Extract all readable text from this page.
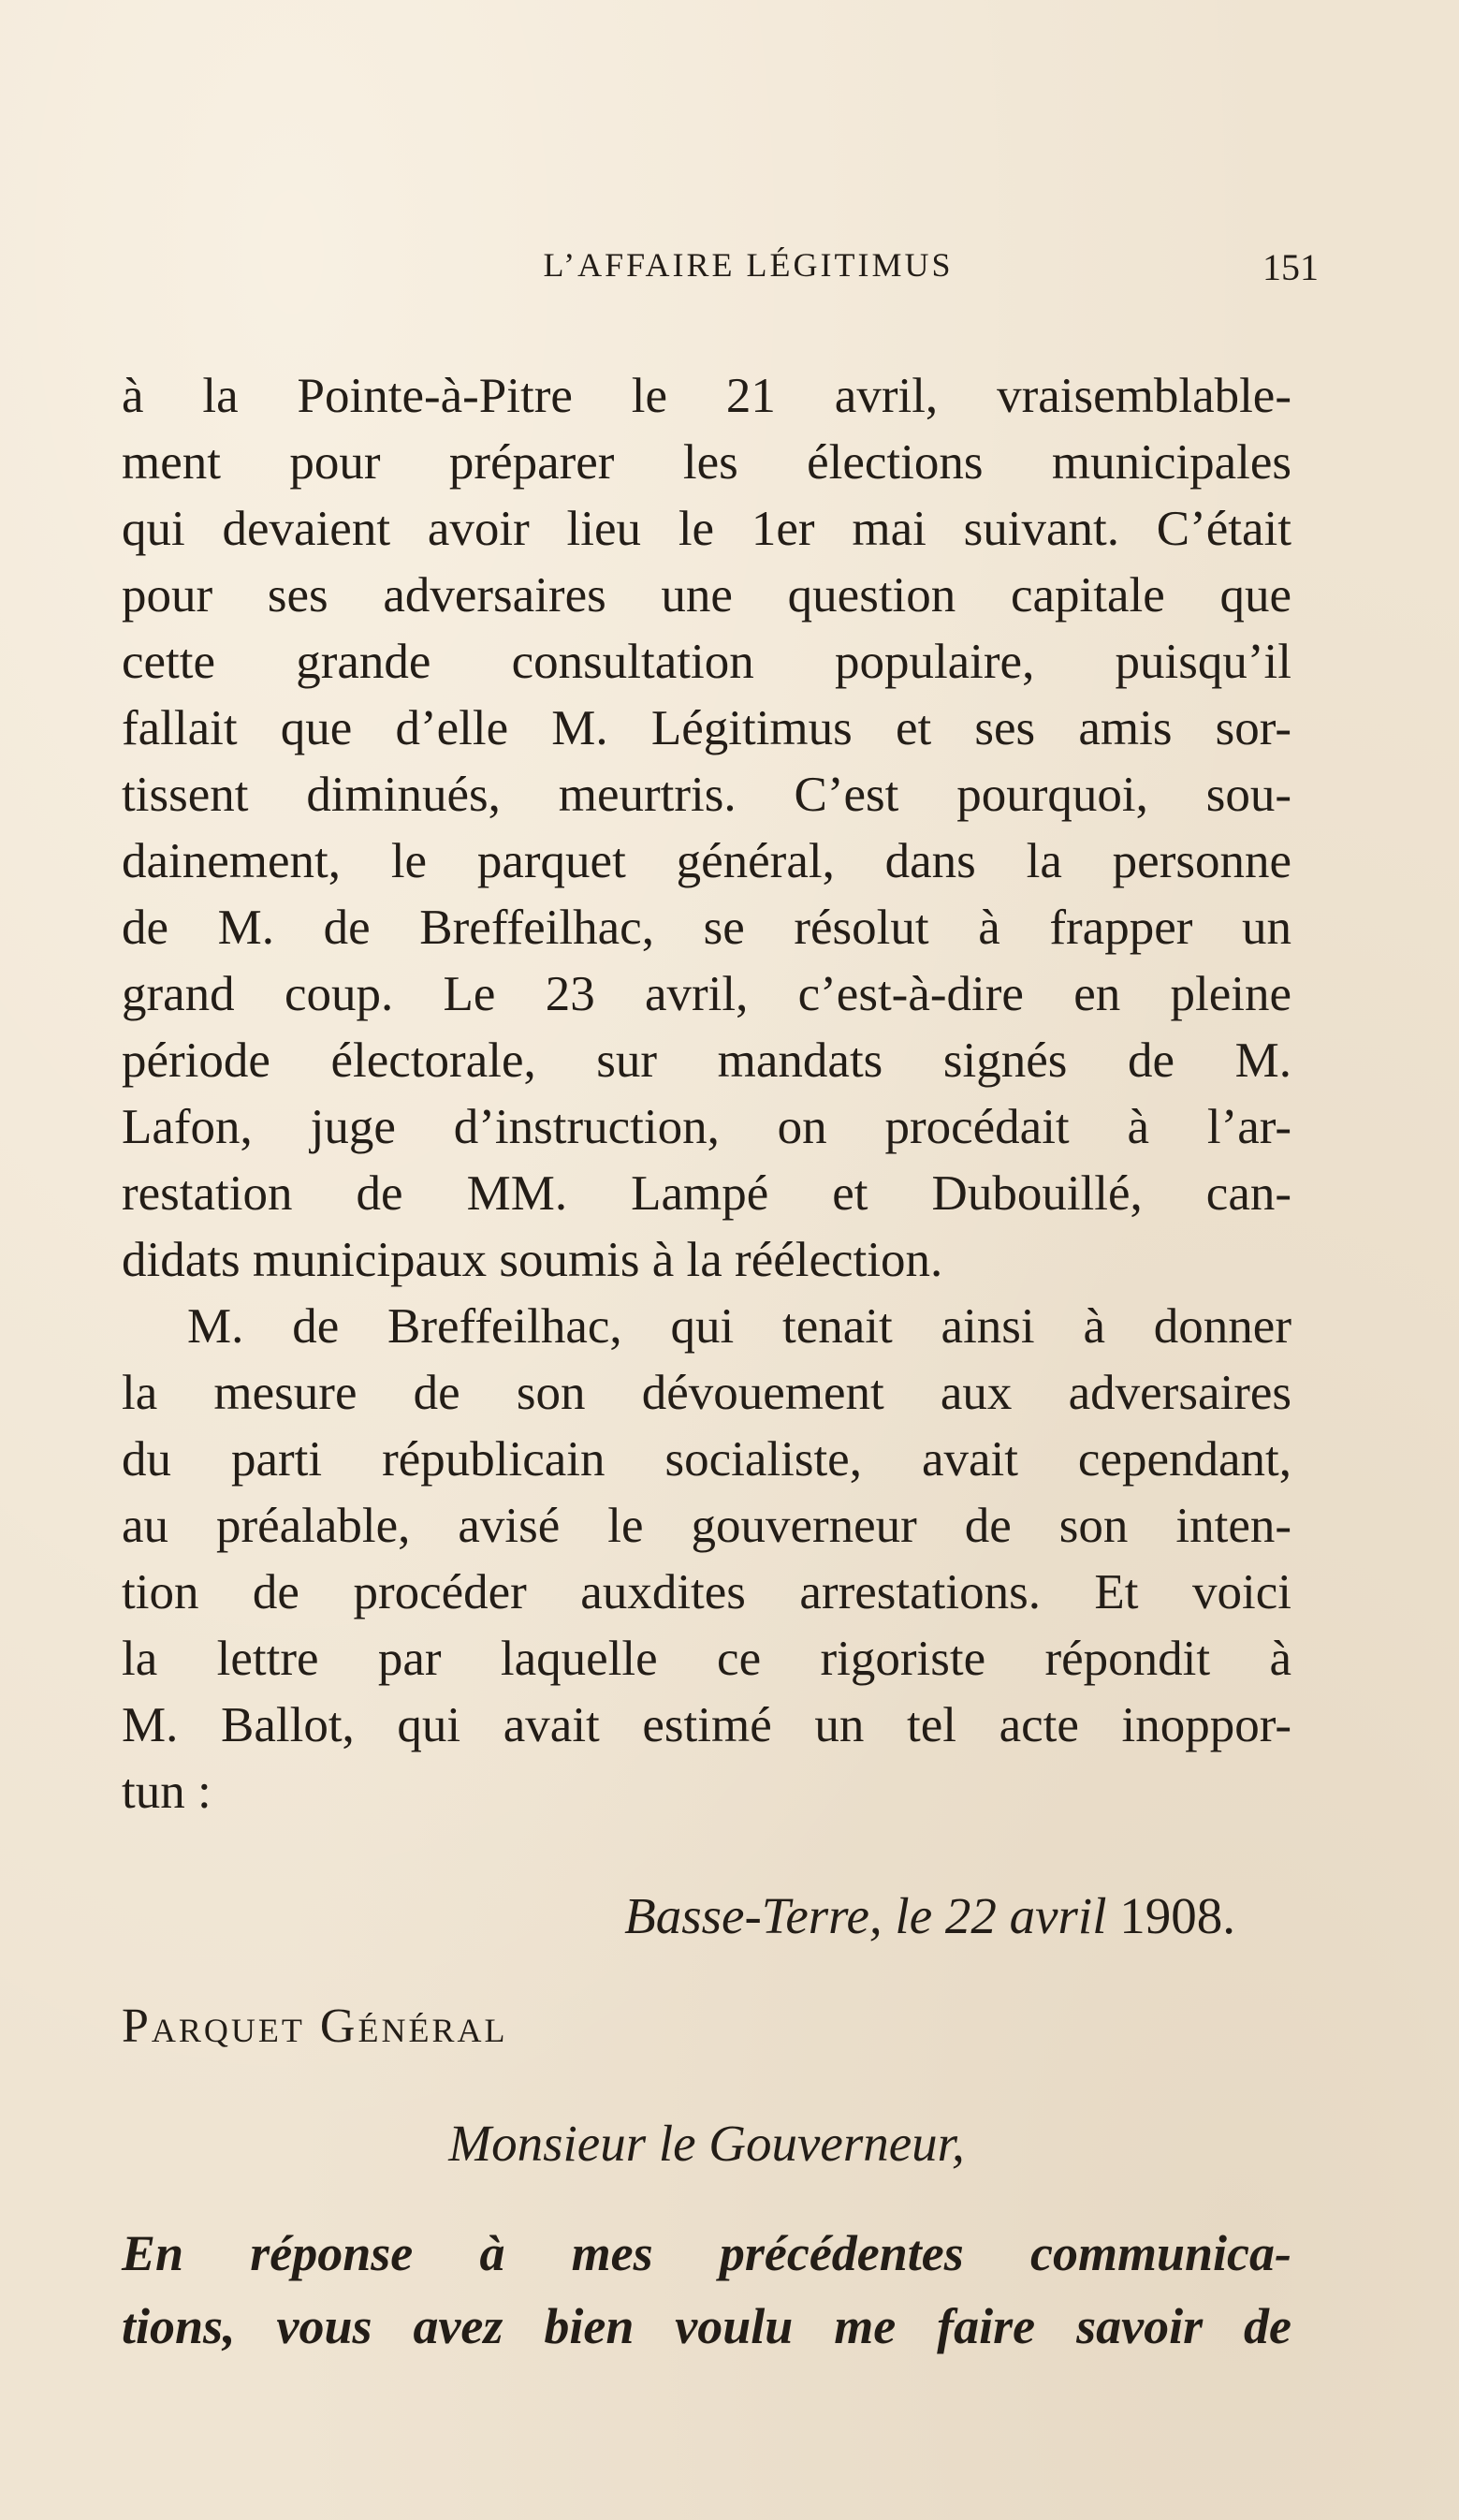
L’AFFAIRE LÉGITIMUS	151
à la Pointe-à-Pitre le 21 avril, vraisemblable-
ment pour préparer les élections municipales
qui devaient avoir lieu le 1er mai suivant. C’était
pour ses adversaires une question capitale que
cette grande consultation populaire, puisqu’il
fallait que d’elle M. Légitimus et ses amis sor-
tissent diminués, meurtris. C’est pourquoi, sou-
dainement, le parquet général, dans la personne
de M. de Breffeilhac, se résolut à frapper un
grand coup. Le 23 avril, c’est-à-dire en pleine
période électorale, sur mandats signés de M.
Lafon, juge d’instruction, on procédait à l’ar-
restation de MM. Lampé et Dubouillé, can-
didats municipaux soumis à la réélection.
M. de Breffeilhac, qui tenait ainsi à donner
la mesure de son dévouement aux adversaires
du parti républicain socialiste, avait cependant,
au préalable, avisé le gouverneur de son inten-
tion de procéder auxdites arrestations. Et voici
la lettre par laquelle ce rigoriste répondit à
M. Ballot, qui avait estimé un tel acte inoppor-
tun :
Basse-Terre, le 22 avril 1908.
Parquet Général
Monsieur le Gouverneur,
En réponse à mes précédentes communica-
tions, vous avez bien voulu me faire savoir de
